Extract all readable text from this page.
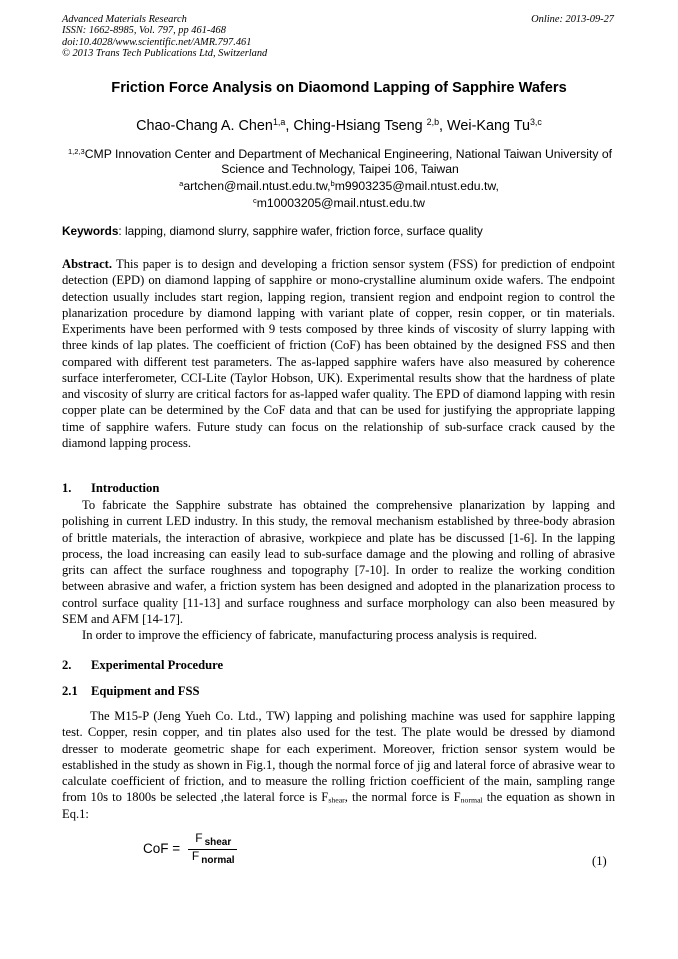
Advanced Materials Research
ISSN: 1662-8985, Vol. 797, pp 461-468
doi:10.4028/www.scientific.net/AMR.797.461
© 2013 Trans Tech Publications Ltd, Switzerland
Online: 2013-09-27
Friction Force Analysis on Diaomond Lapping of Sapphire Wafers
Chao-Chang A. Chen$^{1,a}$, Ching-Hsiang Tseng $^{2,b}$, Wei-Kang Tu$^{3,c}$
$^{1,2,3}$CMP Innovation Center and Department of Mechanical Engineering, National Taiwan University of Science and Technology, Taipei 106, Taiwan
$^a$artchen@mail.ntust.edu.tw,$^b$m9903235@mail.ntust.edu.tw,
$^c$m10003205@mail.ntust.edu.tw
Keywords: lapping, diamond slurry, sapphire wafer, friction force, surface quality
Abstract. This paper is to design and developing a friction sensor system (FSS) for prediction of endpoint detection (EPD) on diamond lapping of sapphire or mono-crystalline aluminum oxide wafers. The endpoint detection usually includes start region, lapping region, transient region and endpoint region to control the planarization procedure by diamond lapping with variant plate of copper, resin copper, or tin materials. Experiments have been performed with 9 tests composed by three kinds of viscosity of slurry lapping with three kinds of lap plates. The coefficient of friction (CoF) has been obtained by the designed FSS and then compared with different test parameters. The as-lapped sapphire wafers have also measured by coherence surface interferometer, CCI-Lite (Taylor Hobson, UK). Experimental results show that the hardness of plate and viscosity of slurry are critical factors for as-lapped wafer quality. The EPD of diamond lapping with resin copper plate can be determined by the CoF data and that can be used for justifying the appropriate lapping time of sapphire wafers. Future study can focus on the relationship of sub-surface crack caused by the diamond lapping process.
1. Introduction
To fabricate the Sapphire substrate has obtained the comprehensive planarization by lapping and polishing in current LED industry. In this study, the removal mechanism established by three-body abrasion of brittle materials, the interaction of abrasive, workpiece and plate has be discussed [1-6]. In the lapping process, the load increasing can easily lead to sub-surface damage and the plowing and rolling of abrasive grits can affect the surface roughness and topography [7-10]. In order to realize the working condition between abrasive and wafer, a friction system has been designed and adopted in the planarization process to control surface quality [11-13] and surface roughness and surface morphology can also been measured by SEM and AFM [14-17].
In order to improve the efficiency of fabricate, manufacturing process analysis is required.
2. Experimental Procedure
2.1 Equipment and FSS
The M15-P (Jeng Yueh Co. Ltd., TW) lapping and polishing machine was used for sapphire lapping test. Copper, resin copper, and tin plates also used for the test. The plate would be dressed by diamond dresser to moderate geometric shape for each experiment. Moreover, friction sensor system would be established in the study as shown in Fig.1, though the normal force of jig and lateral force of abrasive wear to calculate coefficient of friction, and to measure the rolling friction coefficient of the main, sampling range from 10s to 1800s be selected ,the lateral force is $F_{shear}$, the normal force is $F_{normal}$ the equation as shown in Eq.1:
CoF = $\frac{F _{shear}}{F _{normal}}$	(1)
